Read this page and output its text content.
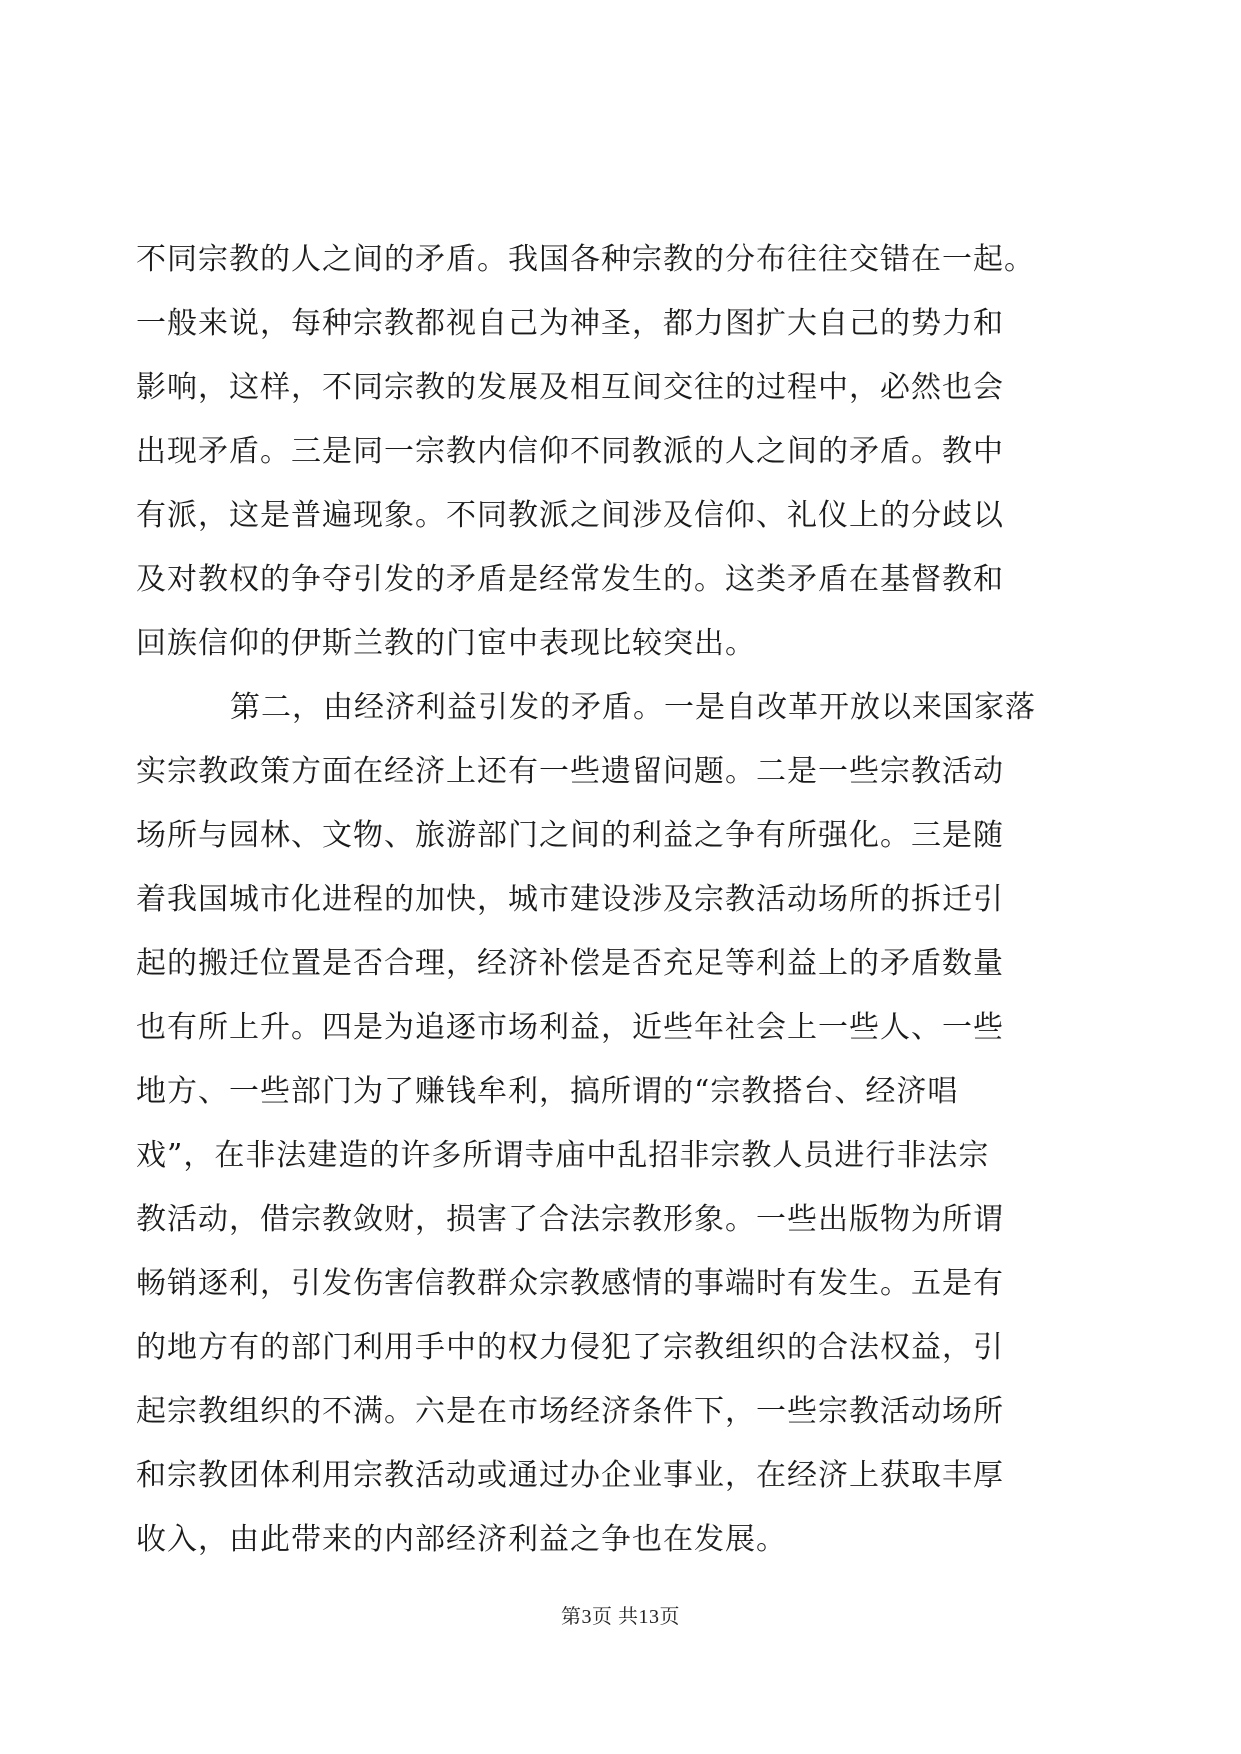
不同宗教的人之间的矛盾。我国各种宗教的分布往往交错在一起。
一般来说，每种宗教都视自己为神圣，都力图扩大自己的势力和
影响，这样，不同宗教的发展及相互间交往的过程中，必然也会
出现矛盾。三是同一宗教内信仰不同教派的人之间的矛盾。教中
有派，这是普遍现象。不同教派之间涉及信仰、礼仪上的分歧以
及对教权的争夺引发的矛盾是经常发生的。这类矛盾在基督教和
回族信仰的伊斯兰教的门宦中表现比较突出。
第二，由经济利益引发的矛盾。一是自改革开放以来国家落
实宗教政策方面在经济上还有一些遗留问题。二是一些宗教活动
场所与园林、文物、旅游部门之间的利益之争有所强化。三是随
着我国城市化进程的加快，城市建设涉及宗教活动场所的拆迁引
起的搬迁位置是否合理，经济补偿是否充足等利益上的矛盾数量
也有所上升。四是为追逐市场利益，近些年社会上一些人、一些
地方、一些部门为了赚钱牟利，搞所谓的“宗教搭台、经济唱
戏”，在非法建造的许多所谓寺庙中乱招非宗教人员进行非法宗
教活动，借宗教敛财，损害了合法宗教形象。一些出版物为所谓
畅销逐利，引发伤害信教群众宗教感情的事端时有发生。五是有
的地方有的部门利用手中的权力侵犯了宗教组织的合法权益，引
起宗教组织的不满。六是在市场经济条件下，一些宗教活动场所
和宗教团体利用宗教活动或通过办企业事业，在经济上获取丰厚
收入，由此带来的内部经济利益之争也在发展。
第3页 共13页
